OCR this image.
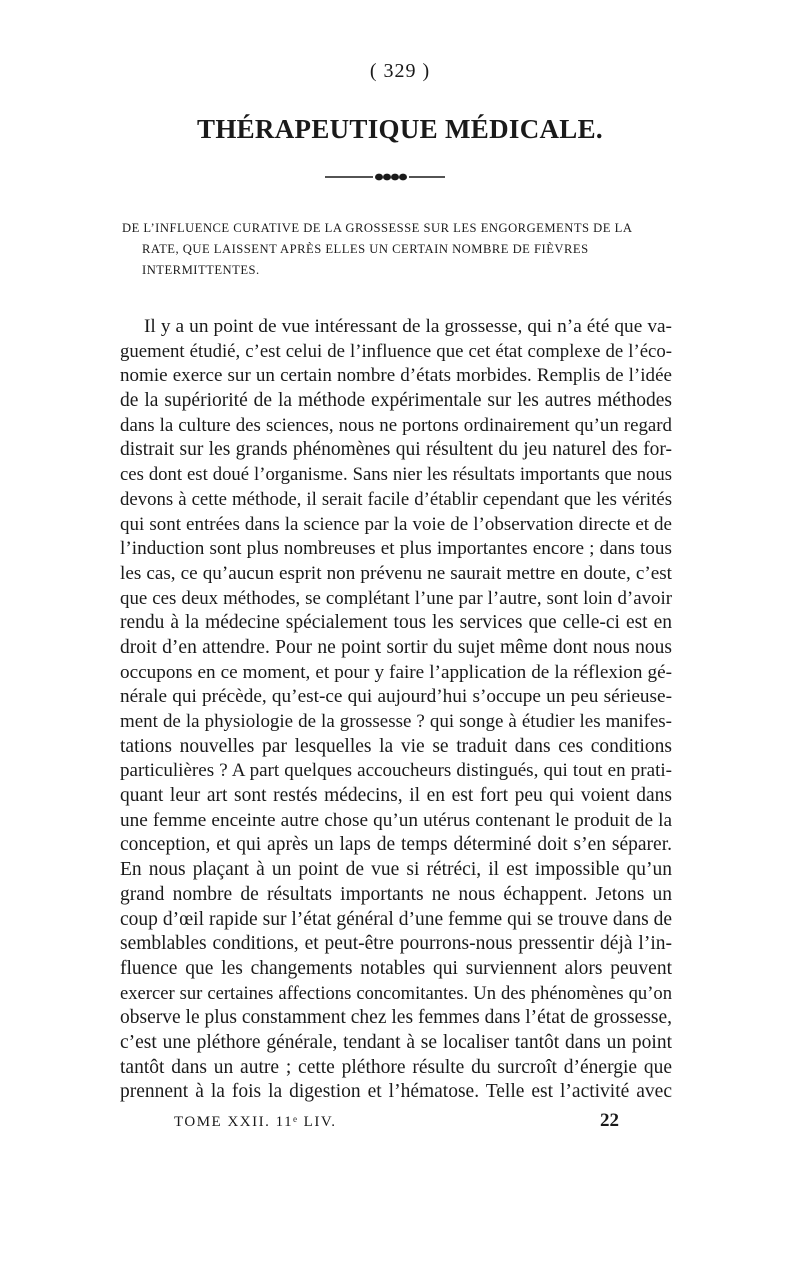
( 329 )
THÉRAPEUTIQUE MÉDICALE.
DE L’INFLUENCE CURATIVE DE LA GROSSESSE SUR LES ENGORGEMENTS DE LA
RATE, QUE LAISSENT APRÈS ELLES UN CERTAIN NOMBRE DE FIÈVRES
INTERMITTENTES.
Il y a un point de vue intéressant de la grossesse, qui n’a été que va-
guement étudié, c’est celui de l’influence que cet état complexe de l’éco-
nomie exerce sur un certain nombre d’états morbides. Remplis de l’idée
de la supériorité de la méthode expérimentale sur les autres méthodes
dans la culture des sciences, nous ne portons ordinairement qu’un regard
distrait sur les grands phénomènes qui résultent du jeu naturel des for-
ces dont est doué l’organisme. Sans nier les résultats importants que nous
devons à cette méthode, il serait facile d’établir cependant que les vérités
qui sont entrées dans la science par la voie de l’observation directe et de
l’induction sont plus nombreuses et plus importantes encore ; dans tous
les cas, ce qu’aucun esprit non prévenu ne saurait mettre en doute, c’est
que ces deux méthodes, se complétant l’une par l’autre, sont loin d’avoir
rendu à la médecine spécialement tous les services que celle-ci est en
droit d’en attendre. Pour ne point sortir du sujet même dont nous nous
occupons en ce moment, et pour y faire l’application de la réflexion gé-
nérale qui précède, qu’est-ce qui aujourd’hui s’occupe un peu sérieuse-
ment de la physiologie de la grossesse ? qui songe à étudier les manifes-
tations nouvelles par lesquelles la vie se traduit dans ces conditions
particulières ? A part quelques accoucheurs distingués, qui tout en prati-
quant leur art sont restés médecins, il en est fort peu qui voient dans
une femme enceinte autre chose qu’un utérus contenant le produit de la
conception, et qui après un laps de temps déterminé doit s’en séparer.
En nous plaçant à un point de vue si rétréci, il est impossible qu’un
grand nombre de résultats importants ne nous échappent. Jetons un
coup d’œil rapide sur l’état général d’une femme qui se trouve dans de
semblables conditions, et peut-être pourrons-nous pressentir déjà l’in-
fluence que les changements notables qui surviennent alors peuvent
exercer sur certaines affections concomitantes. Un des phénomènes qu’on
observe le plus constamment chez les femmes dans l’état de grossesse,
c’est une pléthore générale, tendant à se localiser tantôt dans un point
tantôt dans un autre ; cette pléthore résulte du surcroît d’énergie que
prennent à la fois la digestion et l’hématose. Telle est l’activité avec
TOME XXII. 11ᵉ LIV.	22
